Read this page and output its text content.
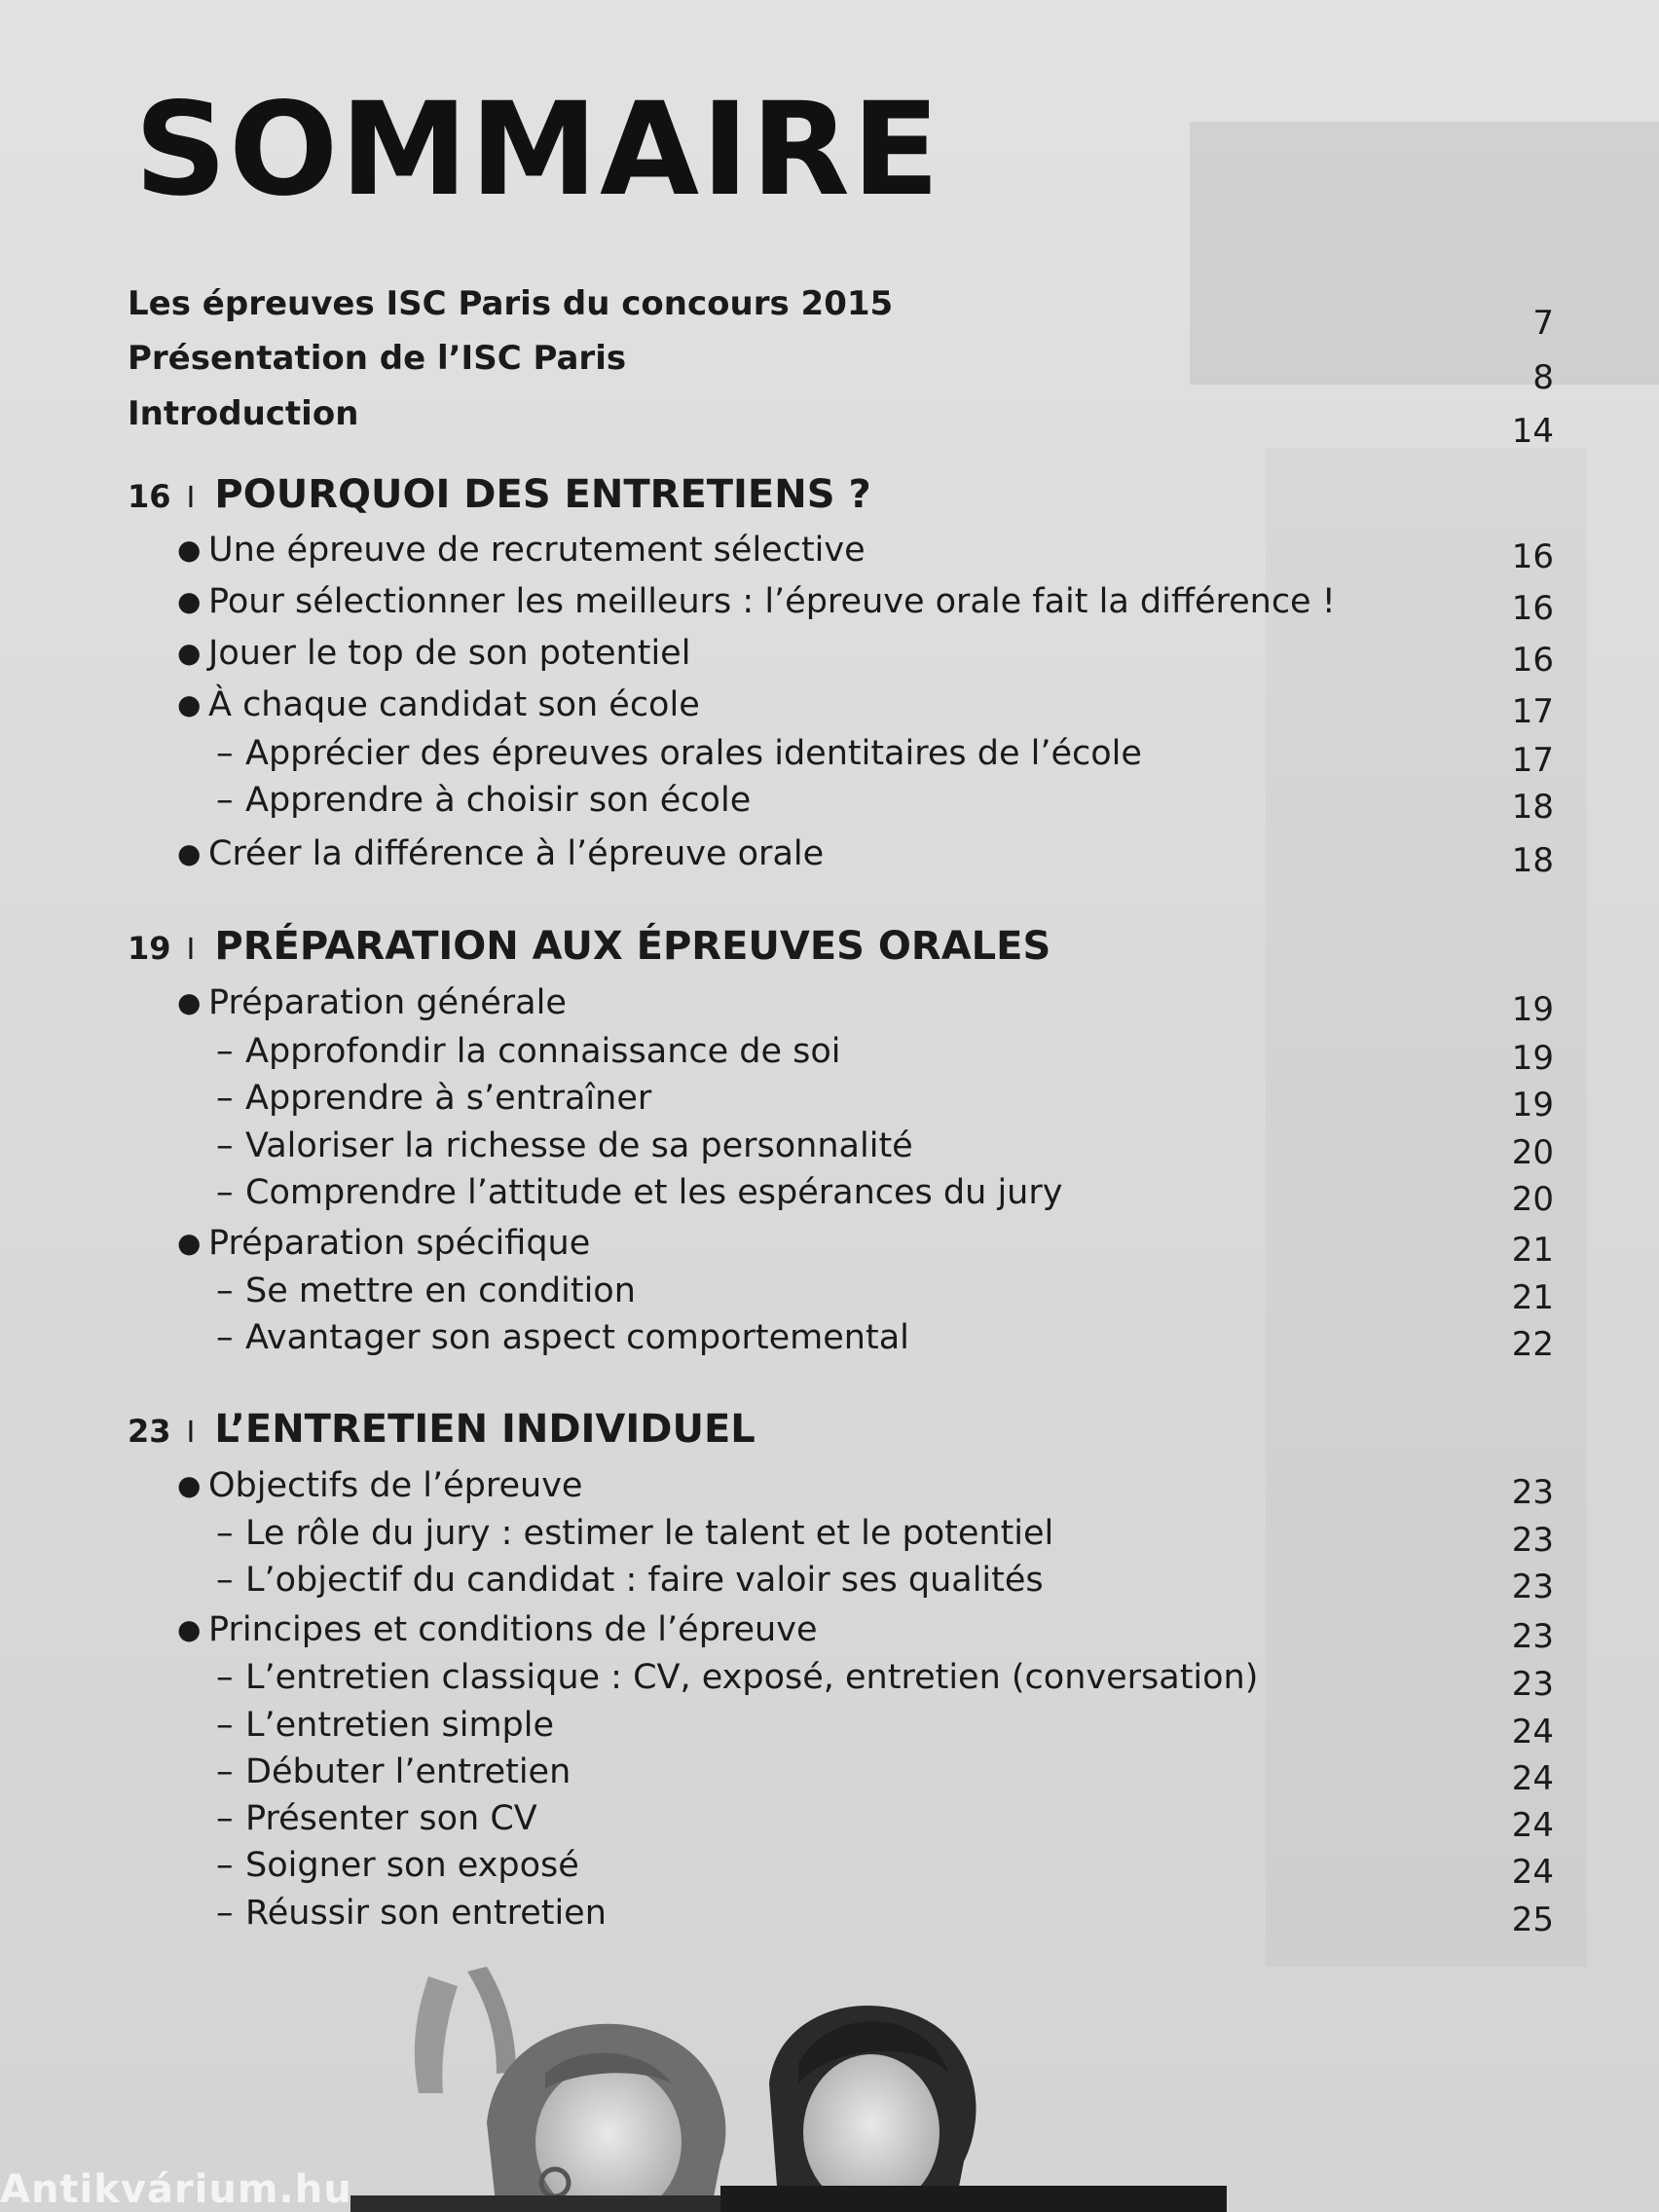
SOMMAIRE
Les épreuves ISC Paris du concours 2015	7
Présentation de l’ISC Paris	8
Introduction	14
16 I POURQUOI DES ENTRETIENS ?
● Une épreuve de recrutement sélective	16
● Pour sélectionner les meilleurs : l’épreuve orale fait la différence !	16
● Jouer le top de son potentiel	16
● À chaque candidat son école	17
– Apprécier des épreuves orales identitaires de l’école	17
– Apprendre à choisir son école	18
● Créer la différence à l’épreuve orale	18
19 I PRÉPARATION AUX ÉPREUVES ORALES
● Préparation générale	19
– Approfondir la connaissance de soi	19
– Apprendre à s’entraîner	19
– Valoriser la richesse de sa personnalité	20
– Comprendre l’attitude et les espérances du jury	20
● Préparation spécifique	21
– Se mettre en condition	21
– Avantager son aspect comportemental	22
23 I L’ENTRETIEN INDIVIDUEL
● Objectifs de l’épreuve	23
– Le rôle du jury : estimer le talent et le potentiel	23
– L’objectif du candidat : faire valoir ses qualités	23
● Principes et conditions de l’épreuve	23
– L’entretien classique : CV, exposé, entretien (conversation)	23
– L’entretien simple	24
– Débuter l’entretien	24
– Présenter son CV	24
– Soigner son exposé	24
– Réussir son entretien	25
Antikvárium.hu
